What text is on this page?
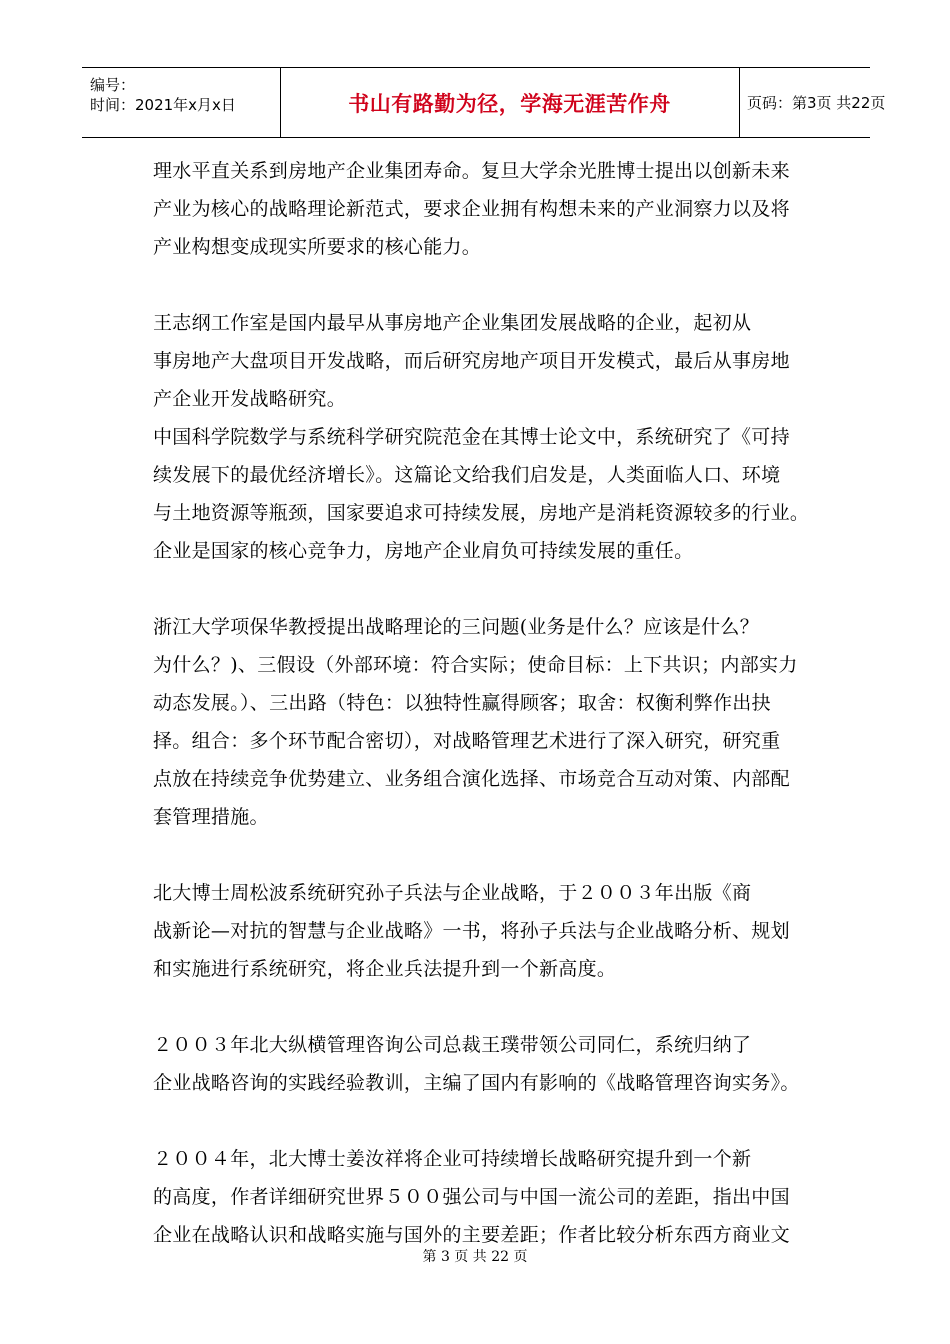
编号：
时间：2021年x月x日	书山有路勤为径，学海无涯苦作舟	页码：第3页 共22页
理水平直关系到房地产企业集团寿命。复旦大学余光胜博士提出以创新未来
产业为核心的战略理论新范式，要求企业拥有构想未来的产业洞察力以及将
产业构想变成现实所要求的核心能力。
王志纲工作室是国内最早从事房地产企业集团发展战略的企业，起初从
事房地产大盘项目开发战略，而后研究房地产项目开发模式，最后从事房地
产企业开发战略研究。
中国科学院数学与系统科学研究院范金在其博士论文中，系统研究了《可持
续发展下的最优经济增长》。这篇论文给我们启发是，人类面临人口、环境
与土地资源等瓶颈，国家要追求可持续发展，房地产是消耗资源较多的行业。
企业是国家的核心竞争力，房地产企业肩负可持续发展的重任。
浙江大学项保华教授提出战略理论的三问题(业务是什么？应该是什么？
为什么？)、三假设（外部环境：符合实际；使命目标：上下共识；内部实力
动态发展。）、三出路（特色：以独特性赢得顾客；取舍：权衡利弊作出抉
择。组合：多个环节配合密切），对战略管理艺术进行了深入研究，研究重
点放在持续竞争优势建立、业务组合演化选择、市场竞合互动对策、内部配
套管理措施。
北大博士周松波系统研究孙子兵法与企业战略，于２００３年出版《商
战新论—对抗的智慧与企业战略》一书，将孙子兵法与企业战略分析、规划
和实施进行系统研究，将企业兵法提升到一个新高度。
２００３年北大纵横管理咨询公司总裁王璞带领公司同仁，系统归纳了
企业战略咨询的实践经验教训，主编了国内有影响的《战略管理咨询实务》。
２００４年，北大博士姜汝祥将企业可持续增长战略研究提升到一个新
的高度，作者详细研究世界５００强公司与中国一流公司的差距，指出中国
企业在战略认识和战略实施与国外的主要差距；作者比较分析东西方商业文
第 3 页 共 22 页
